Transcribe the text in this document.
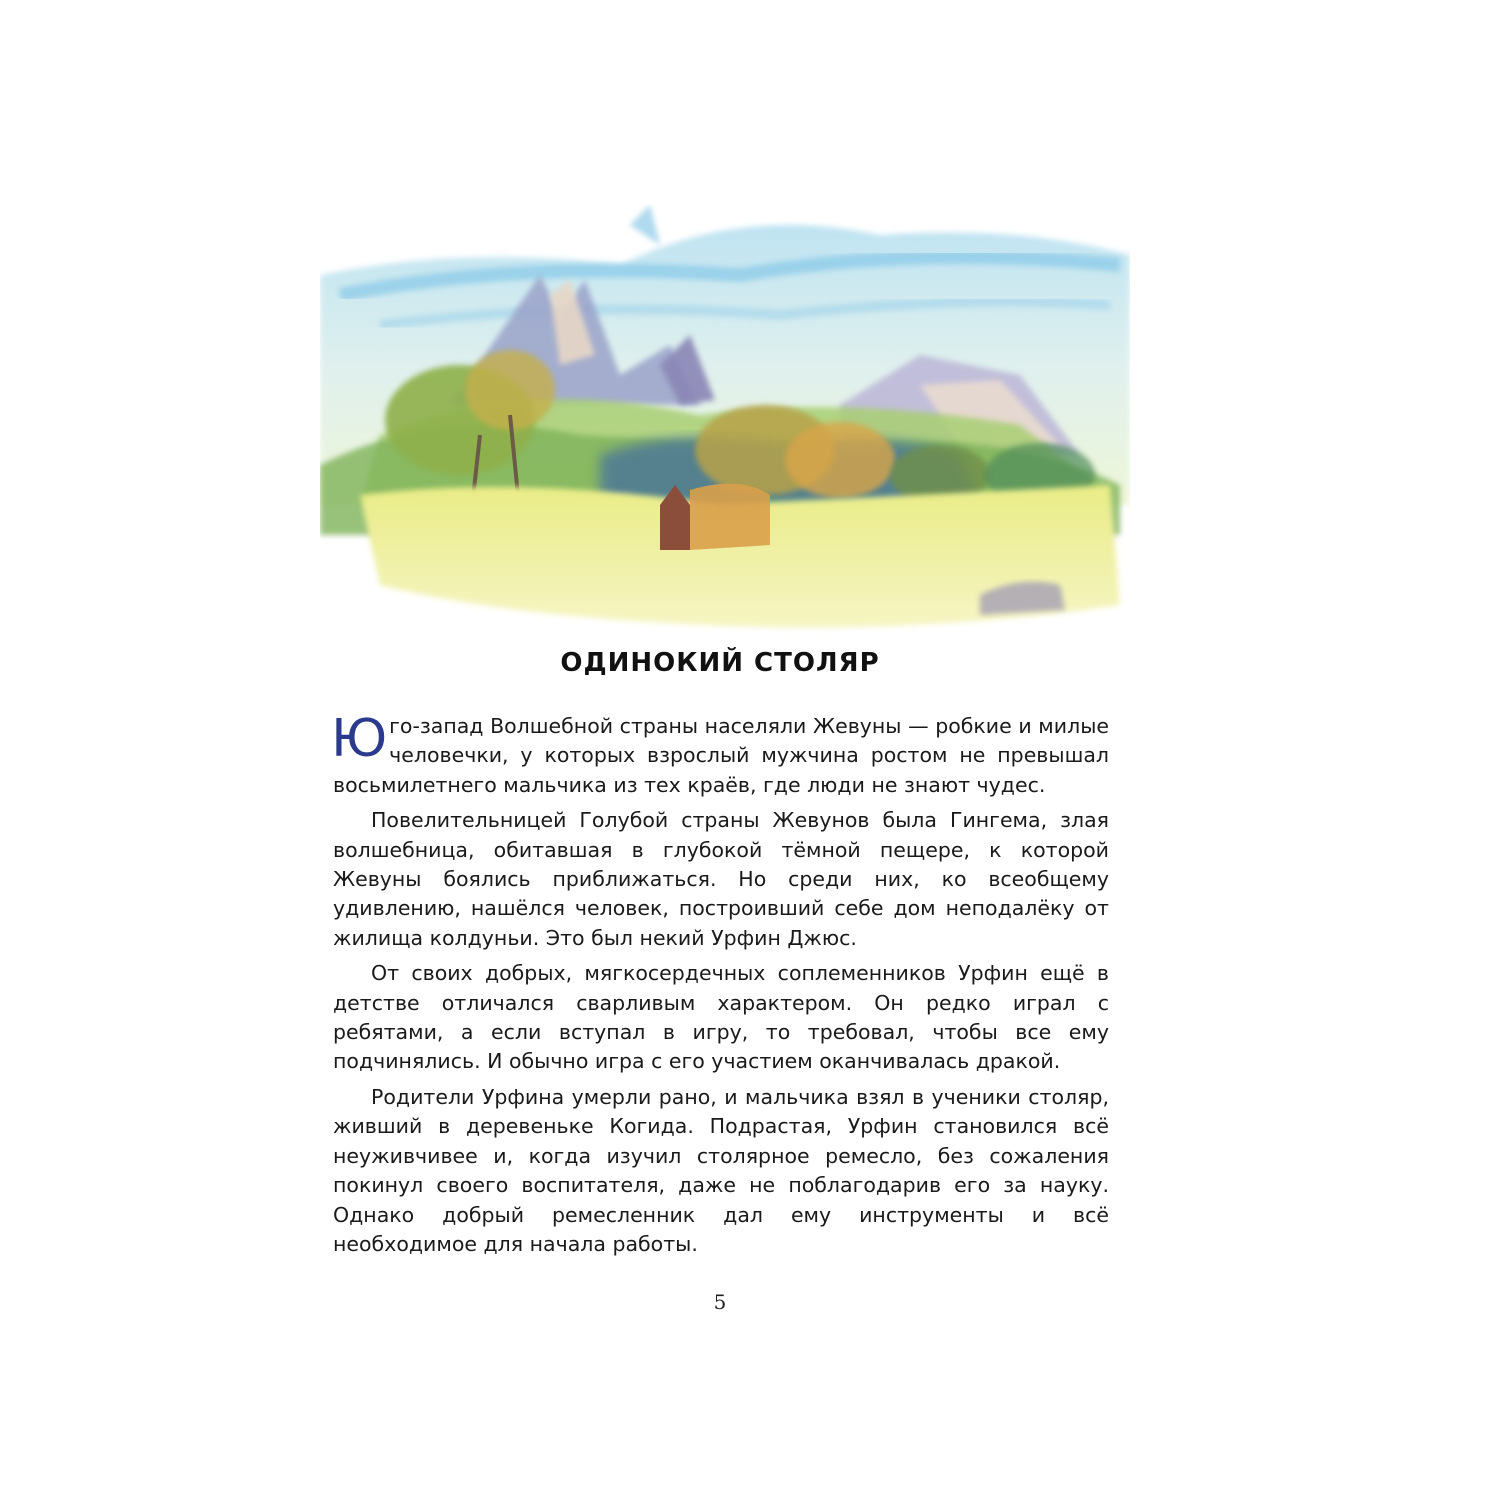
ОДИНОКИЙ СТОЛЯР

Юго-запад Волшебной страны населяли Жевуны — робкие и милые человечки, у которых взрослый мужчина ростом не превышал восьмилетнего мальчика из тех краёв, где люди не знают чудес.

Повелительницей Голубой страны Жевунов была Гингема, злая волшебница, обитавшая в глубокой тёмной пещере, к которой Жевуны боялись приближаться. Но среди них, ко всеобщему удивлению, нашёлся человек, построивший себе дом неподалёку от жилища колдуньи. Это был некий Урфин Джюс.

От своих добрых, мягкосердечных соплеменников Урфин ещё в детстве отличался сварливым характером. Он редко играл с ребятами, а если вступал в игру, то требовал, чтобы все ему подчинялись. И обычно игра с его участием оканчивалась дракой.

Родители Урфина умерли рано, и мальчика взял в ученики столяр, живший в деревеньке Когида. Подрастая, Урфин становился всё неуживчивее и, когда изучил столярное ремесло, без сожаления покинул своего воспитателя, даже не поблагодарив его за науку. Однако добрый ремесленник дал ему инструменты и всё необходимое для начала работы.

5
